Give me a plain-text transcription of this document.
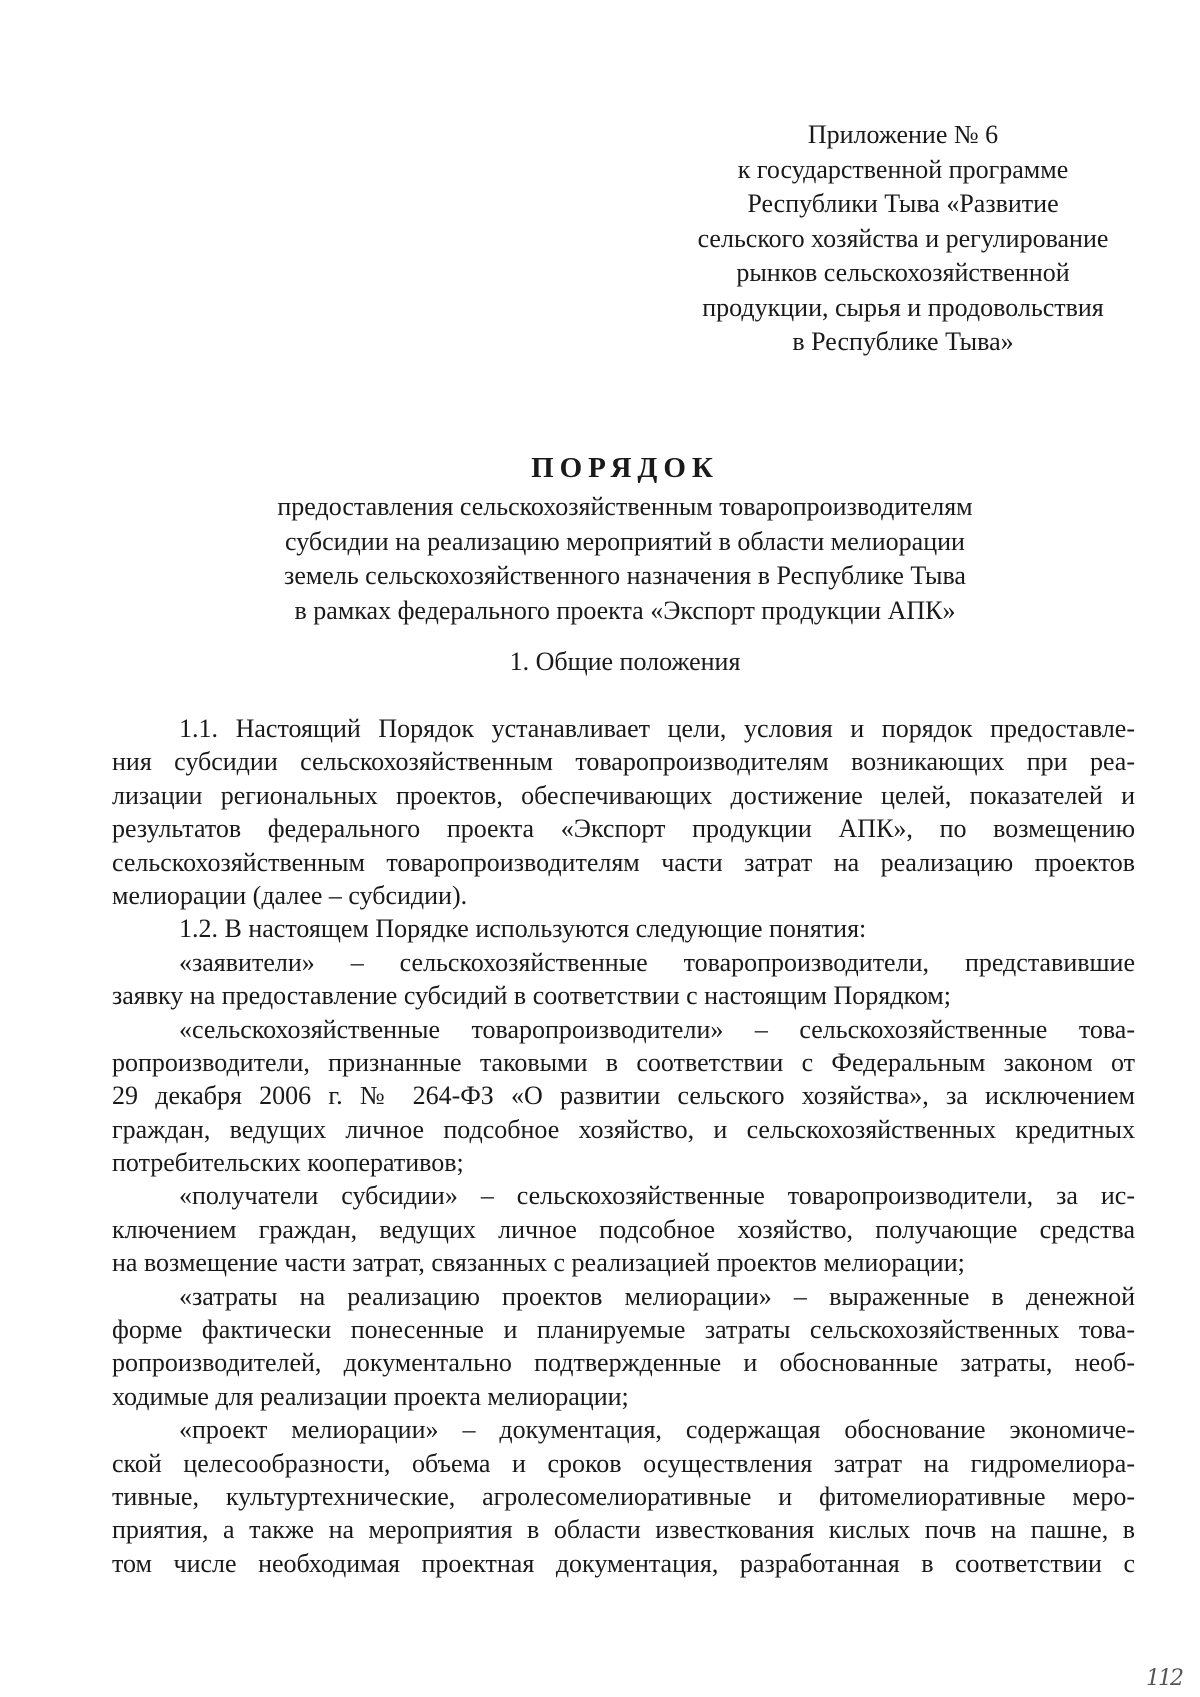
Приложение № 6
к государственной программе
Республики Тыва «Развитие
сельского хозяйства и регулирование
рынков сельскохозяйственной
продукции, сырья и продовольствия
в Республике Тыва»
ПОРЯДОК
предоставления сельскохозяйственным товаропроизводителям
субсидии на реализацию мероприятий в области мелиорации
земель сельскохозяйственного назначения в Республике Тыва
в рамках федерального проекта «Экспорт продукции АПК»
1. Общие положения
1.1. Настоящий Порядок устанавливает цели, условия и порядок предоставле-
ния субсидии сельскохозяйственным товаропроизводителям возникающих при реа-
лизации региональных проектов, обеспечивающих достижение целей, показателей и
результатов федерального проекта «Экспорт продукции АПК», по возмещению
сельскохозяйственным товаропроизводителям части затрат на реализацию проектов
мелиорации (далее – субсидии).
1.2. В настоящем Порядке используются следующие понятия:
«заявители» – сельскохозяйственные товаропроизводители, представившие
заявку на предоставление субсидий в соответствии с настоящим Порядком;
«сельскохозяйственные товаропроизводители» – сельскохозяйственные това-
ропроизводители, признанные таковыми в соответствии с Федеральным законом от
29 декабря 2006 г. № 264-ФЗ «О развитии сельского хозяйства», за исключением
граждан, ведущих личное подсобное хозяйство, и сельскохозяйственных кредитных
потребительских кооперативов;
«получатели субсидии» – сельскохозяйственные товаропроизводители, за ис-
ключением граждан, ведущих личное подсобное хозяйство, получающие средства
на возмещение части затрат, связанных с реализацией проектов мелиорации;
«затраты на реализацию проектов мелиорации» – выраженные в денежной
форме фактически понесенные и планируемые затраты сельскохозяйственных това-
ропроизводителей, документально подтвержденные и обоснованные затраты, необ-
ходимые для реализации проекта мелиорации;
«проект мелиорации» – документация, содержащая обоснование экономиче-
ской целесообразности, объема и сроков осуществления затрат на гидромелиора-
тивные, культуртехнические, агролесомелиоративные и фитомелиоративные меро-
приятия, а также на мероприятия в области известкования кислых почв на пашне, в
том числе необходимая проектная документация, разработанная в соответствии с
112
